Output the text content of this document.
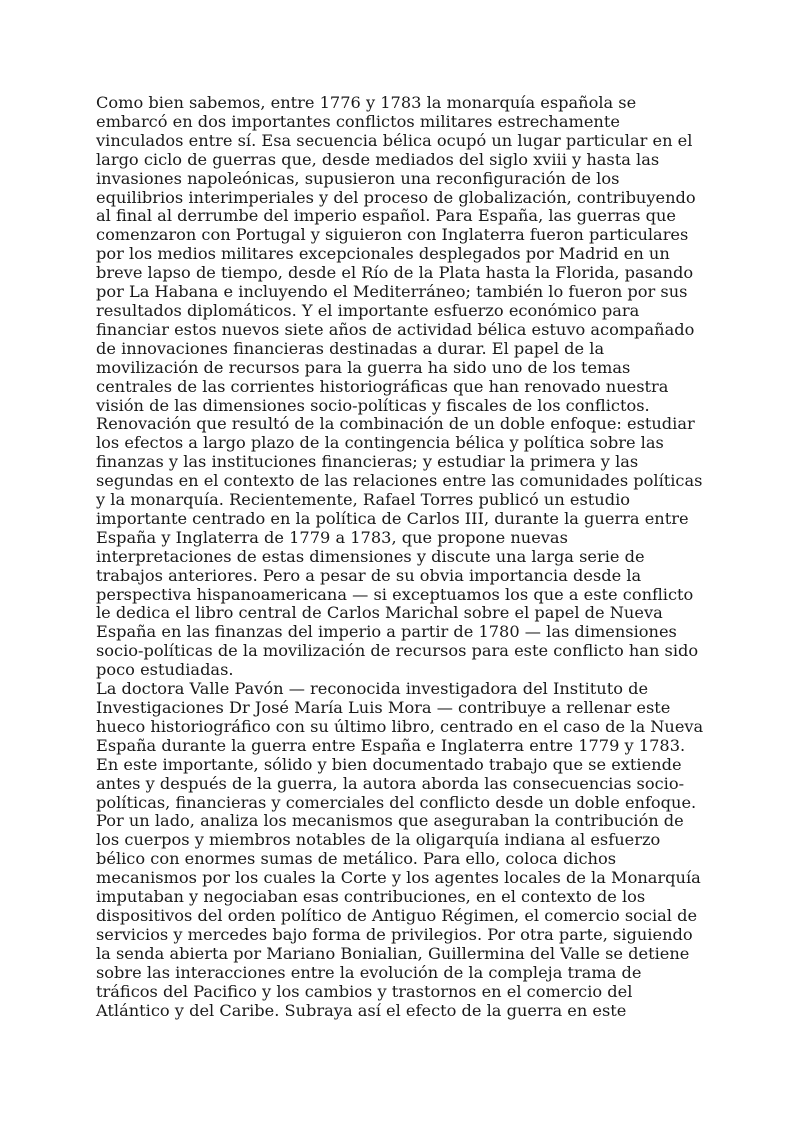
Como bien sabemos, entre 1776 y 1783 la monarquía española se
embarcó en dos importantes conflictos militares estrechamente
vinculados entre sí. Esa secuencia bélica ocupó un lugar particular en el
largo ciclo de guerras que, desde mediados del siglo xviii y hasta las
invasiones napoleónicas, supusieron una reconfiguración de los
equilibrios interimperiales y del proceso de globalización, contribuyendo
al final al derrumbe del imperio español. Para España, las guerras que
comenzaron con Portugal y siguieron con Inglaterra fueron particulares
por los medios militares excepcionales desplegados por Madrid en un
breve lapso de tiempo, desde el Río de la Plata hasta la Florida, pasando
por La Habana e incluyendo el Mediterráneo; también lo fueron por sus
resultados diplomáticos. Y el importante esfuerzo económico para
financiar estos nuevos siete años de actividad bélica estuvo acompañado
de innovaciones financieras destinadas a durar. El papel de la
movilización de recursos para la guerra ha sido uno de los temas
centrales de las corrientes historiográficas que han renovado nuestra
visión de las dimensiones socio-políticas y fiscales de los conflictos.
Renovación que resultó de la combinación de un doble enfoque: estudiar
los efectos a largo plazo de la contingencia bélica y política sobre las
finanzas y las instituciones financieras; y estudiar la primera y las
segundas en el contexto de las relaciones entre las comunidades políticas
y la monarquía. Recientemente, Rafael Torres publicó un estudio
importante centrado en la política de Carlos III, durante la guerra entre
España y Inglaterra de 1779 a 1783, que propone nuevas
interpretaciones de estas dimensiones y discute una larga serie de
trabajos anteriores. Pero a pesar de su obvia importancia desde la
perspectiva hispanoamericana — si exceptuamos los que a este conflicto
le dedica el libro central de Carlos Marichal sobre el papel de Nueva
España en las finanzas del imperio a partir de 1780 — las dimensiones
socio-políticas de la movilización de recursos para este conflicto han sido
poco estudiadas.
La doctora Valle Pavón — reconocida investigadora del Instituto de
Investigaciones Dr José María Luis Mora — contribuye a rellenar este
hueco historiográfico con su último libro, centrado en el caso de la Nueva
España durante la guerra entre España e Inglaterra entre 1779 y 1783.
En este importante, sólido y bien documentado trabajo que se extiende
antes y después de la guerra, la autora aborda las consecuencias socio-
políticas, financieras y comerciales del conflicto desde un doble enfoque.
Por un lado, analiza los mecanismos que aseguraban la contribución de
los cuerpos y miembros notables de la oligarquía indiana al esfuerzo
bélico con enormes sumas de metálico. Para ello, coloca dichos
mecanismos por los cuales la Corte y los agentes locales de la Monarquía
imputaban y negociaban esas contribuciones, en el contexto de los
dispositivos del orden político de Antiguo Régimen, el comercio social de
servicios y mercedes bajo forma de privilegios. Por otra parte, siguiendo
la senda abierta por Mariano Bonialian, Guillermina del Valle se detiene
sobre las interacciones entre la evolución de la compleja trama de
tráficos del Pacifico y los cambios y trastornos en el comercio del
Atlántico y del Caribe. Subraya así el efecto de la guerra en este
